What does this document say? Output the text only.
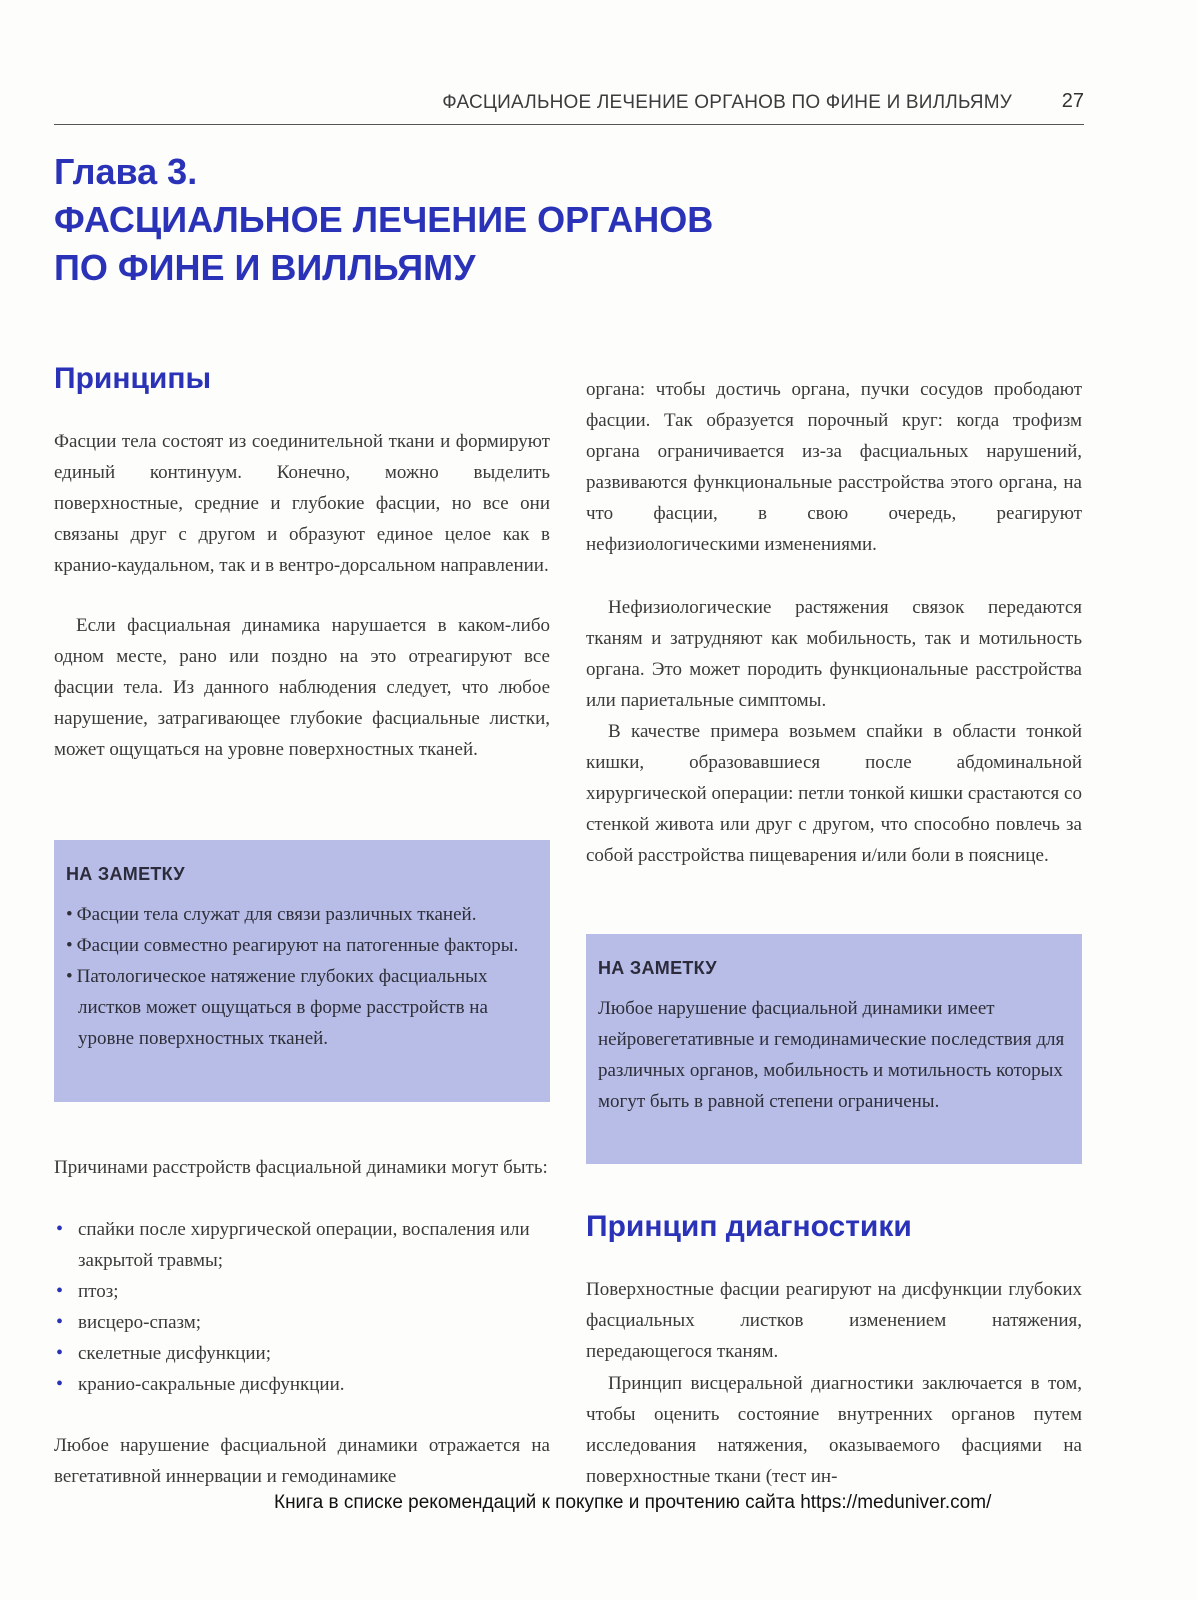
ФАСЦИАЛЬНОЕ ЛЕЧЕНИЕ ОРГАНОВ ПО ФИНЕ И ВИЛЛЬЯМУ 27
Глава 3.
ФАСЦИАЛЬНОЕ ЛЕЧЕНИЕ ОРГАНОВ
ПО ФИНЕ И ВИЛЛЬЯМУ
Принципы

Фасции тела состоят из соединительной ткани и формируют единый континуум. Конечно, можно выделить поверхностные, средние и глубокие фасции, но все они связаны друг с другом и образуют единое целое как в кранио-каудальном, так и в вентро-дорсальном направлении.

Если фасциальная динамика нарушается в каком-либо одном месте, рано или поздно на это отреагируют все фасции тела. Из данного наблюдения следует, что любое нарушение, затрагивающее глубокие фасциальные листки, может ощущаться на уровне поверхностных тканей.

НА ЗАМЕТКУ
• Фасции тела служат для связи различных тканей.
• Фасции совместно реагируют на патогенные факторы.
• Патологическое натяжение глубоких фасциальных листков может ощущаться в форме расстройств на уровне поверхностных тканей.

Причинами расстройств фасциальной динамики могут быть:

• спайки после хирургической операции, воспаления или закрытой травмы;
• птоз;
• висцеро-спазм;
• скелетные дисфункции;
• кранио-сакральные дисфункции.

Любое нарушение фасциальной динамики отражается на вегетативной иннервации и гемодинамике

органа: чтобы достичь органа, пучки сосудов прободают фасции. Так образуется порочный круг: когда трофизм органа ограничивается из-за фасциальных нарушений, развиваются функциональные расстройства этого органа, на что фасции, в свою очередь, реагируют нефизиологическими изменениями.

Нефизиологические растяжения связок передаются тканям и затрудняют как мобильность, так и мотильность органа. Это может породить функциональные расстройства или париетальные симптомы.

В качестве примера возьмем спайки в области тонкой кишки, образовавшиеся после абдоминальной хирургической операции: петли тонкой кишки срастаются со стенкой живота или друг с другом, что способно повлечь за собой расстройства пищеварения и/или боли в пояснице.

НА ЗАМЕТКУ

Любое нарушение фасциальной динамики имеет нейровегетативные и гемодинамические последствия для различных органов, мобильность и мотильность которых могут быть в равной степени ограничены.

Принцип диагностики

Поверхностные фасции реагируют на дисфункции глубоких фасциальных листков изменением натяжения, передающегося тканям.

Принцип висцеральной диагностики заключается в том, чтобы оценить состояние внутренних органов путем исследования натяжения, оказываемого фасциями на поверхностные ткани (тест ин-

Книга в списке рекомендаций к покупке и прочтению сайта https://meduniver.com/
